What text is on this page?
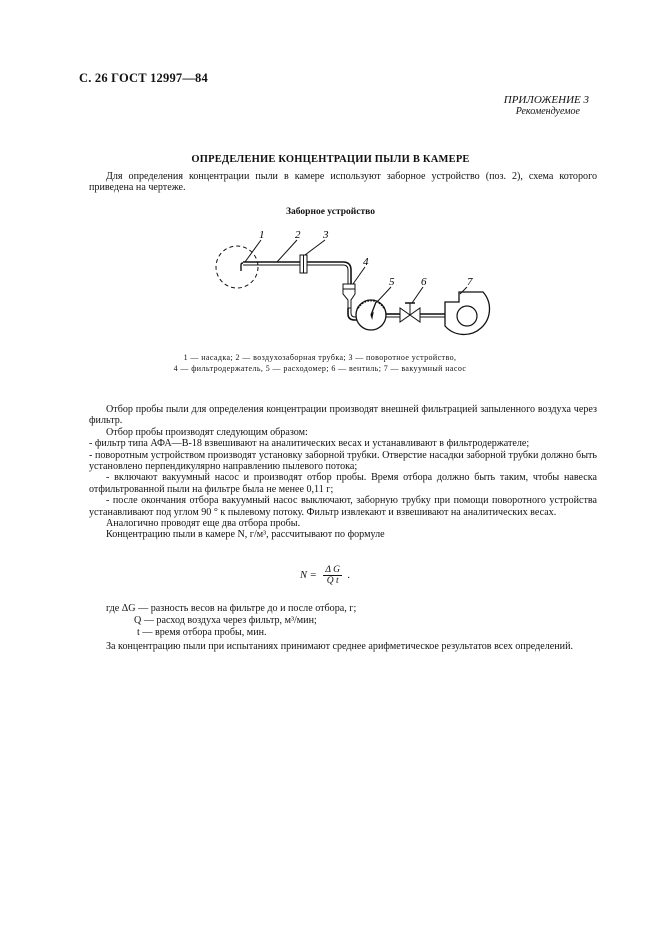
С. 26 ГОСТ 12997—84
ПРИЛОЖЕНИЕ 3
Рекомендуемое
ОПРЕДЕЛЕНИЕ КОНЦЕНТРАЦИИ ПЫЛИ В КАМЕРЕ
Для определения концентрации пыли в камере используют заборное устройство (поз. 2), схема которого приведена на чертеже.
Заборное устройство
1	2 3
4
5 6	7
1 — насадка; 2 — воздухозаборная трубка; 3 — поворотное устройство,
4 — фильтродержатель, 5 — расходомер; 6 — вентиль; 7 — вакуумный насос

Отбор пробы пыли для определения концентрации производят внешней фильтрацией запыленного воздуха через фильтр.

Отбор пробы производят следующим образом:

- фильтр типа АФА—В-18 взвешивают на аналитических весах и устанавливают в фильтродержателе;

- поворотным устройством производят установку заборной трубки. Отверстие насадки заборной трубки должно быть установлено перпендикулярно направлению пылевого потока;

- включают вакуумный насос и производят отбор пробы. Время отбора должно быть таким, чтобы навеска отфильтрованной пыли на фильтре была не менее 0,11 г;

- после окончания отбора вакуумный насос выключают, заборную трубку при помощи поворотного устройства устанавливают под углом 90 ° к пылевому потоку. Фильтр извлекают и взвешивают на аналитических весах.

Аналогично проводят еще два отбора пробы.

Концентрацию пыли в камере N, г/м³, рассчитывают по формуле

$N = \frac{\text{Δ G}}{\text{Q t}}$ .
где ΔG — разность весов на фильтре до и после отбора, г;
Q — расход воздуха через фильтр, м³/мин;
t — время отбора пробы, мин.

За концентрацию пыли при испытаниях принимают среднее арифметическое результатов всех определений.
